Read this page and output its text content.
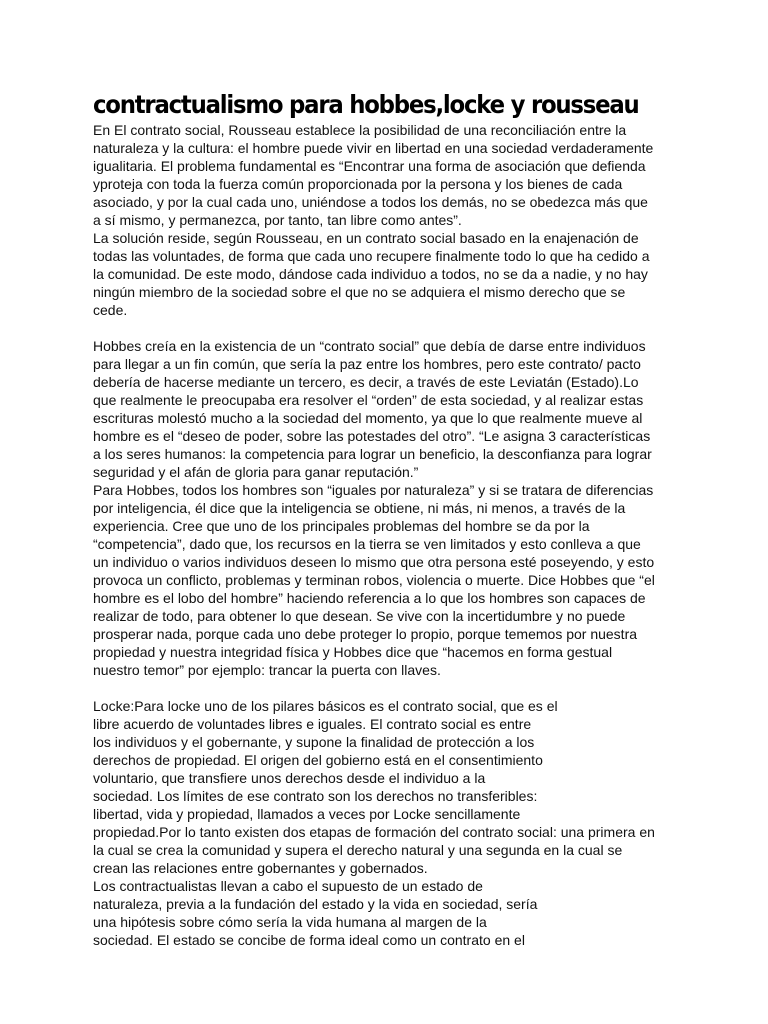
contractualismo para hobbes,locke y rousseau
En El contrato social, Rousseau establece la posibilidad de una reconciliación entre la
naturaleza y la cultura: el hombre puede vivir en libertad en una sociedad verdaderamente
igualitaria. El problema fundamental es “Encontrar una forma de asociación que defienda
yproteja con toda la fuerza común proporcionada por la persona y los bienes de cada
asociado, y por la cual cada uno, uniéndose a todos los demás, no se obedezca más que
a sí mismo, y permanezca, por tanto, tan libre como antes”.
La solución reside, según Rousseau, en un contrato social basado en la enajenación de
todas las voluntades, de forma que cada uno recupere finalmente todo lo que ha cedido a
la comunidad. De este modo, dándose cada individuo a todos, no se da a nadie, y no hay
ningún miembro de la sociedad sobre el que no se adquiera el mismo derecho que se
cede.
Hobbes creía en la existencia de un “contrato social” que debía de darse entre individuos
para llegar a un fin común, que sería la paz entre los hombres, pero este contrato/ pacto
debería de hacerse mediante un tercero, es decir, a través de este Leviatán (Estado).Lo
que realmente le preocupaba era resolver el “orden” de esta sociedad, y al realizar estas
escrituras molestó mucho a la sociedad del momento, ya que lo que realmente mueve al
hombre es el “deseo de poder, sobre las potestades del otro”. “Le asigna 3 características
a los seres humanos: la competencia para lograr un beneficio, la desconfianza para lograr
seguridad y el afán de gloria para ganar reputación.”
Para Hobbes, todos los hombres son “iguales por naturaleza” y si se tratara de diferencias
por inteligencia, él dice que la inteligencia se obtiene, ni más, ni menos, a través de la
experiencia. Cree que uno de los principales problemas del hombre se da por la
“competencia”, dado que, los recursos en la tierra se ven limitados y esto conlleva a que
un individuo o varios individuos deseen lo mismo que otra persona esté poseyendo, y esto
provoca un conflicto, problemas y terminan robos, violencia o muerte. Dice Hobbes que “el
hombre es el lobo del hombre” haciendo referencia a lo que los hombres son capaces de
realizar de todo, para obtener lo que desean. Se vive con la incertidumbre y no puede
prosperar nada, porque cada uno debe proteger lo propio, porque tememos por nuestra
propiedad y nuestra integridad física y Hobbes dice que “hacemos en forma gestual
nuestro temor” por ejemplo: trancar la puerta con llaves.
Locke:Para locke uno de los pilares básicos es el contrato social, que es el
libre acuerdo de voluntades libres e iguales. El contrato social es entre
los individuos y el gobernante, y supone la finalidad de protección a los
derechos de propiedad. El origen del gobierno está en el consentimiento
voluntario, que transfiere unos derechos desde el individuo a la
sociedad. Los límites de ese contrato son los derechos no transferibles:
libertad, vida y propiedad, llamados a veces por Locke sencillamente
propiedad.Por lo tanto existen dos etapas de formación del contrato social: una primera en
la cual se crea la comunidad y supera el derecho natural y una segunda en la cual se
crean las relaciones entre gobernantes y gobernados.
Los contractualistas llevan a cabo el supuesto de un estado de
naturaleza, previa a la fundación del estado y la vida en sociedad, sería
una hipótesis sobre cómo sería la vida humana al margen de la
sociedad. El estado se concibe de forma ideal como un contrato en el
